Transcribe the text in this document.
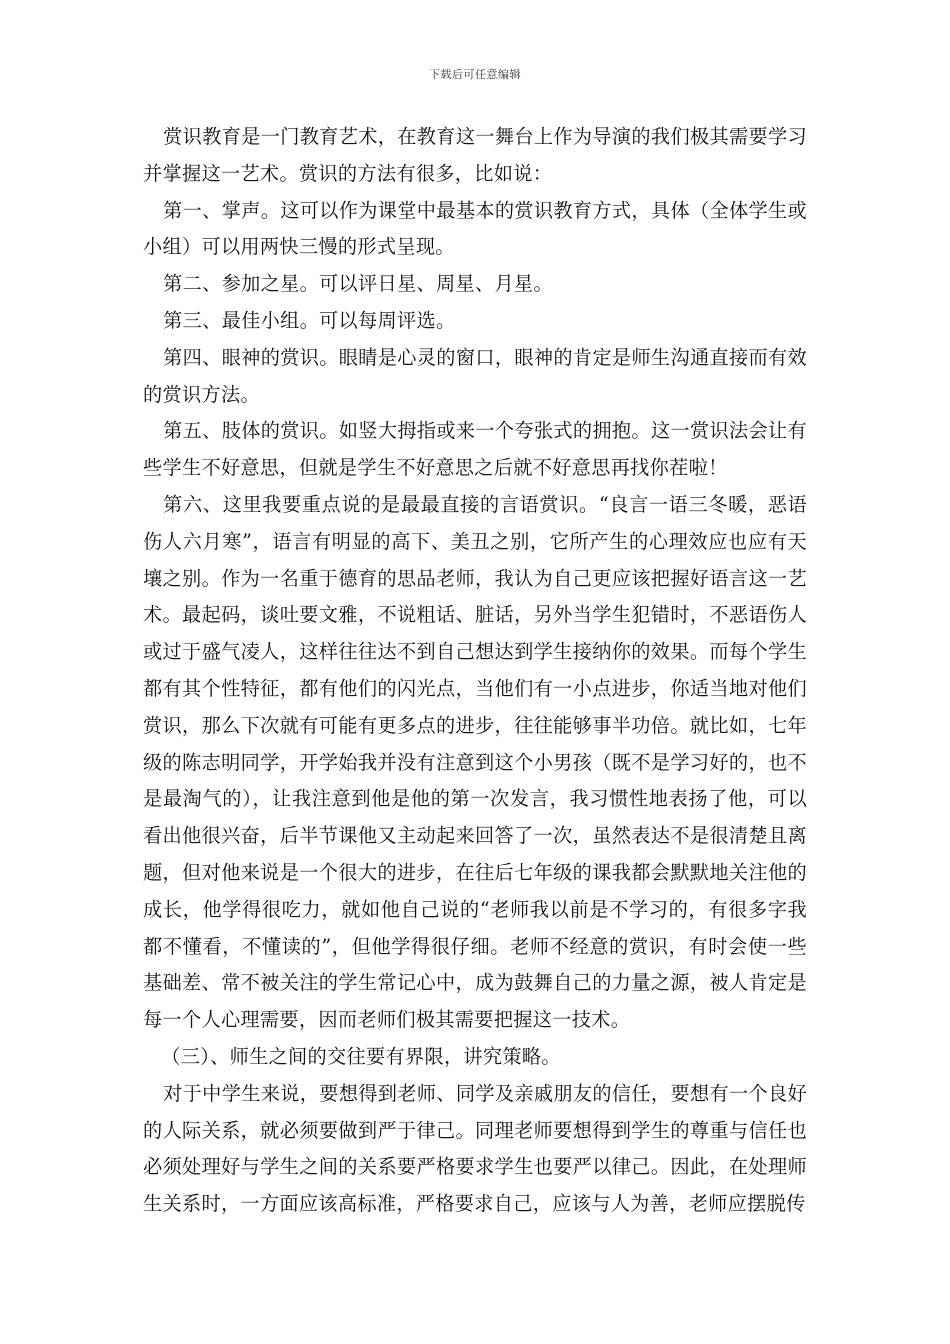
下载后可任意编辑

赏识教育是一门教育艺术，在教育这一舞台上作为导演的我们极其需要学习并掌握这一艺术。赏识的方法有很多，比如说：

第一、掌声。这可以作为课堂中最基本的赏识教育方式，具体（全体学生或小组）可以用两快三慢的形式呈现。

第二、参加之星。可以评日星、周星、月星。

第三、最佳小组。可以每周评选。

第四、眼神的赏识。眼睛是心灵的窗口，眼神的肯定是师生沟通直接而有效的赏识方法。

第五、肢体的赏识。如竖大拇指或来一个夸张式的拥抱。这一赏识法会让有些学生不好意思，但就是学生不好意思之后就不好意思再找你茬啦！

第六、这里我要重点说的是最最直接的言语赏识。“良言一语三冬暖，恶语伤人六月寒”，语言有明显的高下、美丑之别，它所产生的心理效应也应有天壤之别。作为一名重于德育的思品老师，我认为自己更应该把握好语言这一艺术。最起码，谈吐要文雅，不说粗话、脏话，另外当学生犯错时，不恶语伤人或过于盛气凌人，这样往往达不到自己想达到学生接纳你的效果。而每个学生都有其个性特征，都有他们的闪光点，当他们有一小点进步，你适当地对他们赏识，那么下次就有可能有更多点的进步，往往能够事半功倍。就比如，七年级的陈志明同学，开学始我并没有注意到这个小男孩（既不是学习好的，也不是最淘气的），让我注意到他是他的第一次发言，我习惯性地表扬了他，可以看出他很兴奋，后半节课他又主动起来回答了一次，虽然表达不是很清楚且离题，但对他来说是一个很大的进步，在往后七年级的课我都会默默地关注他的成长，他学得很吃力，就如他自己说的“老师我以前是不学习的，有很多字我都不懂看，不懂读的”，但他学得很仔细。老师不经意的赏识，有时会使一些基础差、常不被关注的学生常记心中，成为鼓舞自己的力量之源，被人肯定是每一个人心理需要，因而老师们极其需要把握这一技术。

（三）、师生之间的交往要有界限，讲究策略。

对于中学生来说，要想得到老师、同学及亲戚朋友的信任，要想有一个良好的人际关系，就必须要做到严于律己。同理老师要想得到学生的尊重与信任也必须处理好与学生之间的关系要严格要求学生也要严以律己。因此，在处理师生关系时，一方面应该高标准，严格要求自己，应该与人为善，老师应摆脱传
